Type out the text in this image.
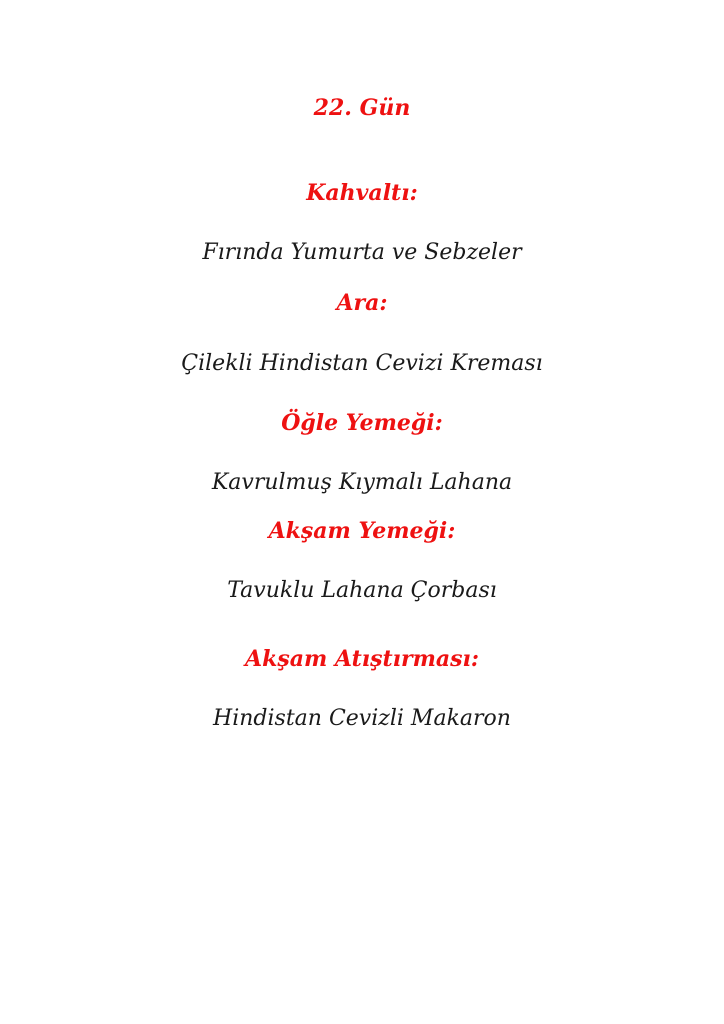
22. Gün
Kahvaltı:
Fırında Yumurta ve Sebzeler
Ara:
Çilekli Hindistan Cevizi Kreması
Öğle Yemeği:
Kavrulmuş Kıymalı Lahana
Akşam Yemeği:
Tavuklu Lahana Çorbası
Akşam Atıştırması:
Hindistan Cevizli Makaron
